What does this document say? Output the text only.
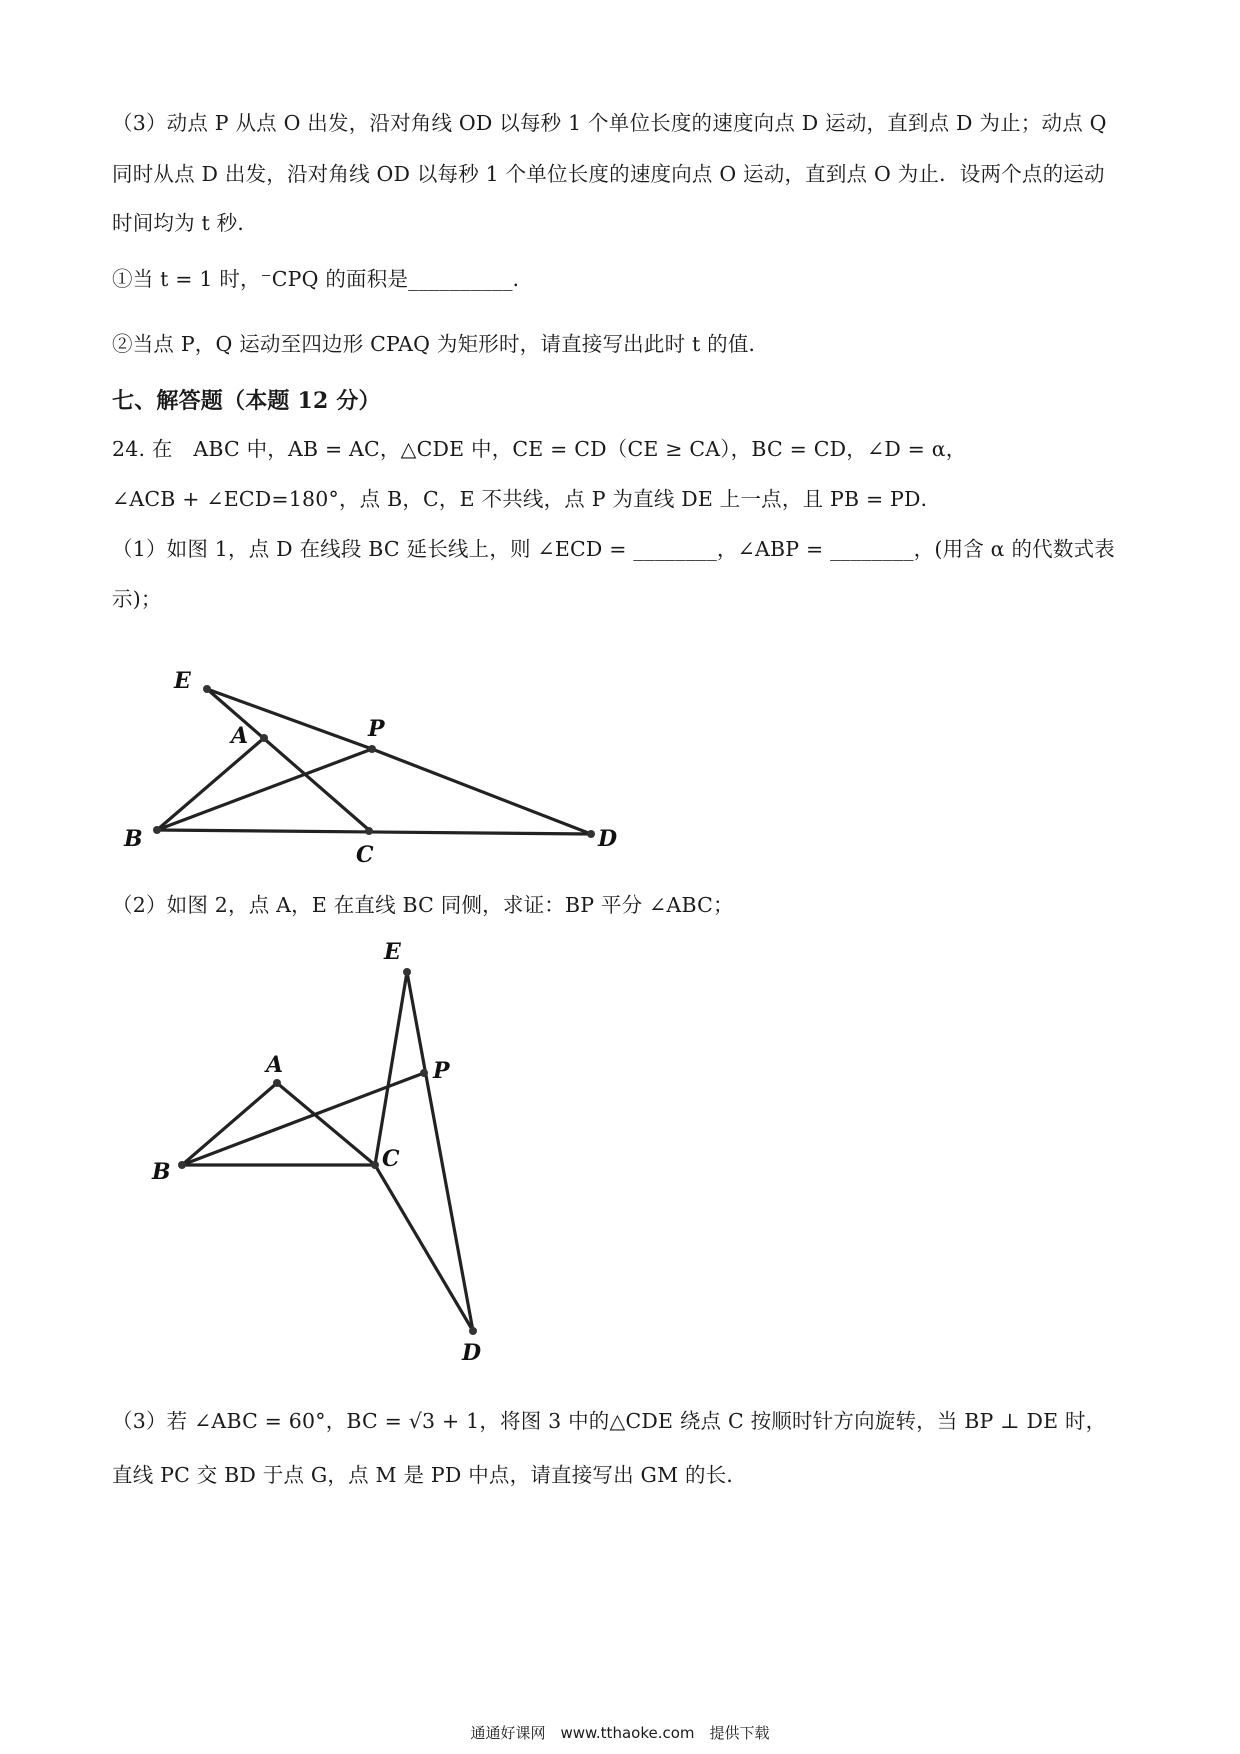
（3）动点 P 从点 O 出发，沿对角线 OD 以每秒 1 个单位长度的速度向点 D 运动，直到点 D 为止；动点 Q
同时从点 D 出发，沿对角线 OD 以每秒 1 个单位长度的速度向点 O 运动，直到点 O 为止．设两个点的运动
时间均为 t 秒．
①当 t = 1 时，⁻CPQ 的面积是__________．
②当点 P，Q 运动至四边形 CPAQ 为矩形时，请直接写出此时 t 的值．
七、解答题（本题 12 分）
24. 在　ABC 中，AB = AC，△CDE 中，CE = CD（CE ≥ CA），BC = CD，∠D = α，
∠ACB + ∠ECD=180°，点 B，C，E 不共线，点 P 为直线 DE 上一点，且 PB = PD．
（1）如图 1，点 D 在线段 BC 延长线上，则 ∠ECD = ________，∠ABP = ________，(用含 α 的代数式表
示)；
E
A	P
B
C
D
（2）如图 2，点 A，E 在直线 BC 同侧，求证：BP 平分 ∠ABC；
E
A	P
B	C
D
（3）若 ∠ABC = 60°，BC = √3 + 1，将图 3 中的△CDE 绕点 C 按顺时针方向旋转，当 BP ⊥ DE 时，
直线 PC 交 BD 于点 G，点 M 是 PD 中点，请直接写出 GM 的长．
通通好课网　www.tthaoke.com　提供下载
